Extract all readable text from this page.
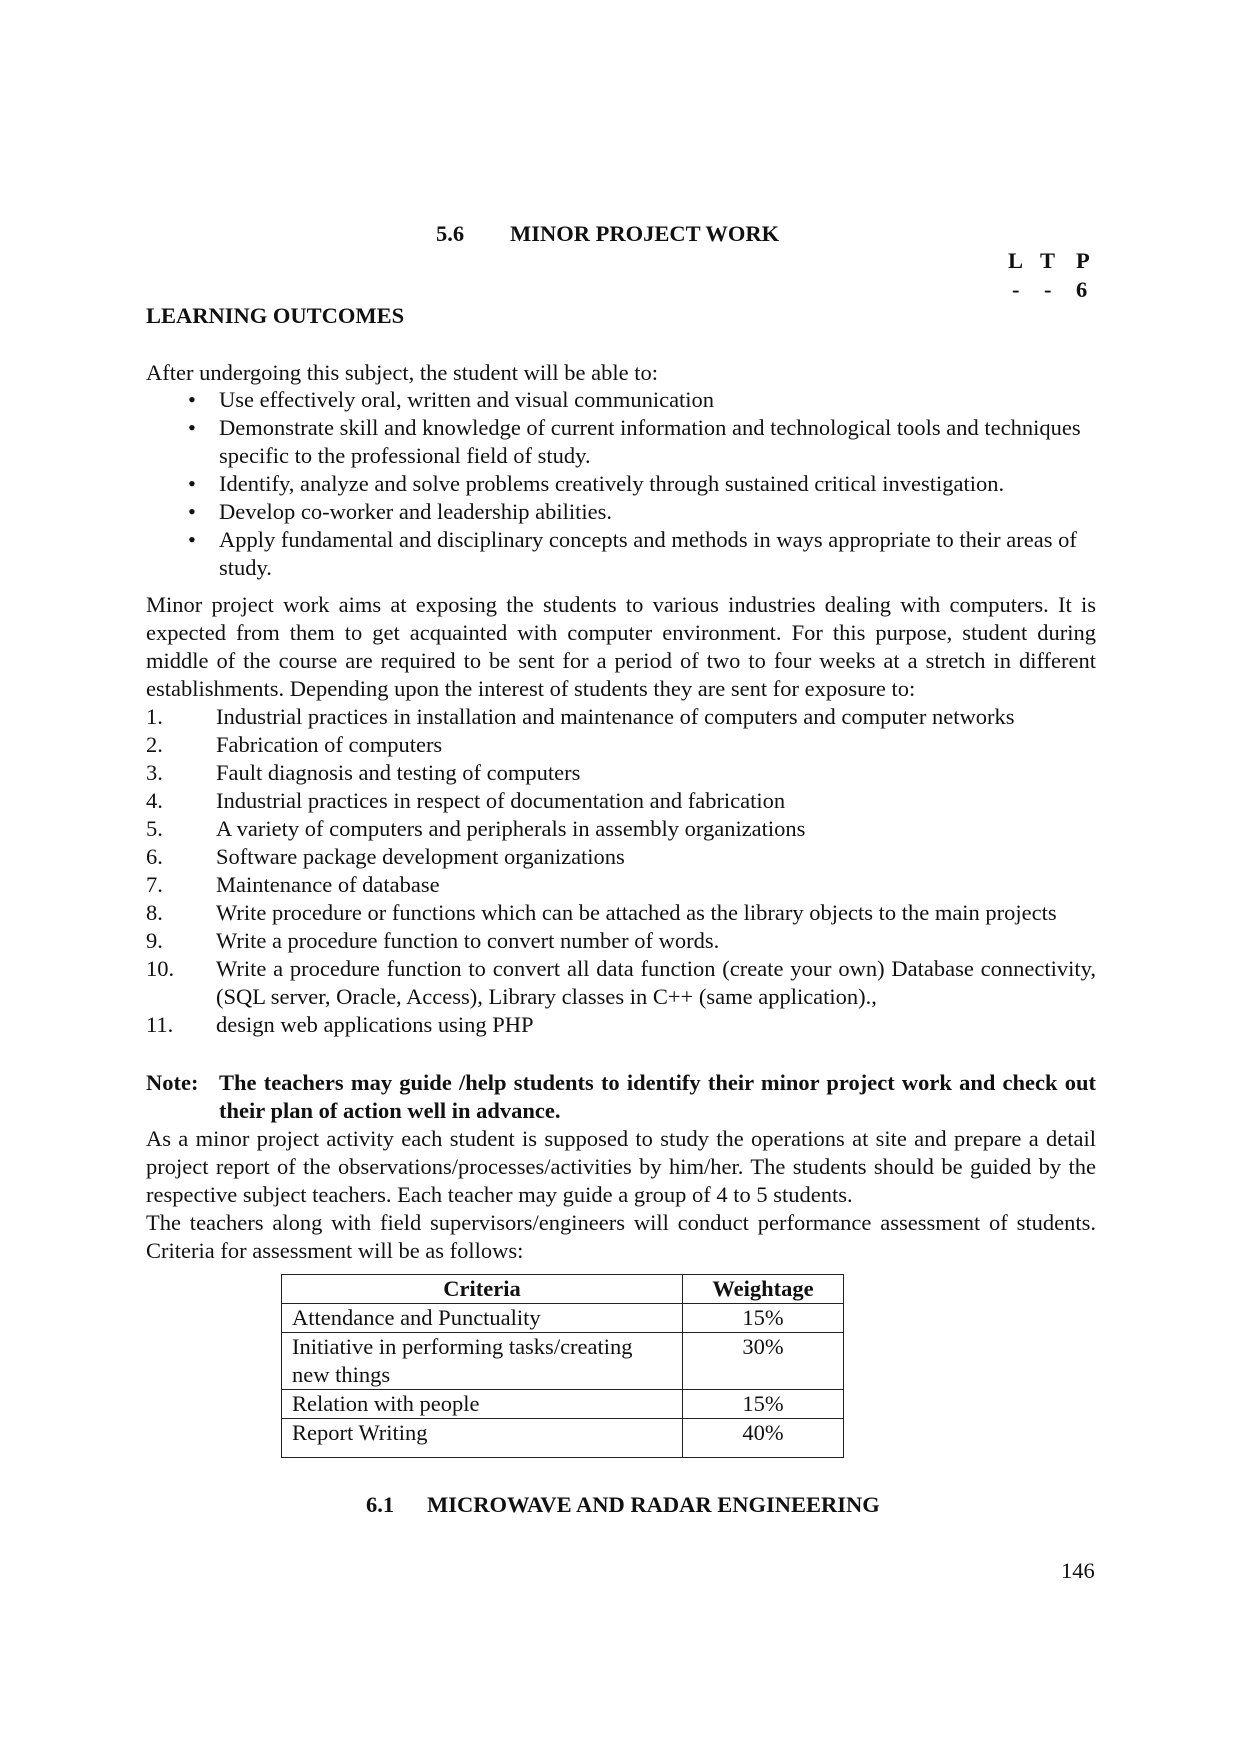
5.6 MINOR PROJECT WORK
L T P
- - 6
LEARNING OUTCOMES
After undergoing this subject, the student will be able to:
• Use effectively oral, written and visual communication
• Demonstrate skill and knowledge of current information and technological tools and techniques specific to the professional field of study.
• Identify, analyze and solve problems creatively through sustained critical investigation.
• Develop co-worker and leadership abilities.
• Apply fundamental and disciplinary concepts and methods in ways appropriate to their areas of study.
Minor project work aims at exposing the students to various industries dealing with computers. It is expected from them to get acquainted with computer environment. For this purpose, student during middle of the course are required to be sent for a period of two to four weeks at a stretch in different establishments. Depending upon the interest of students they are sent for exposure to:
1. Industrial practices in installation and maintenance of computers and computer networks
2. Fabrication of computers
3. Fault diagnosis and testing of computers
4. Industrial practices in respect of documentation and fabrication
5. A variety of computers and peripherals in assembly organizations
6. Software package development organizations
7. Maintenance of database
8. Write procedure or functions which can be attached as the library objects to the main projects
9. Write a procedure function to convert number of words.
10. Write a procedure function to convert all data function (create your own) Database connectivity, (SQL server, Oracle, Access), Library classes in C++ (same application).,
11. design web applications using PHP
Note: The teachers may guide /help students to identify their minor project work and check out their plan of action well in advance.
As a minor project activity each student is supposed to study the operations at site and prepare a detail project report of the observations/processes/activities by him/her. The students should be guided by the respective subject teachers. Each teacher may guide a group of 4 to 5 students.
The teachers along with field supervisors/engineers will conduct performance assessment of students. Criteria for assessment will be as follows:
Criteria	Weightage
Attendance and Punctuality	15%
Initiative in performing tasks/creating new things	30%
Relation with people	15%
Report Writing	40%
6.1 MICROWAVE AND RADAR ENGINEERING
146
